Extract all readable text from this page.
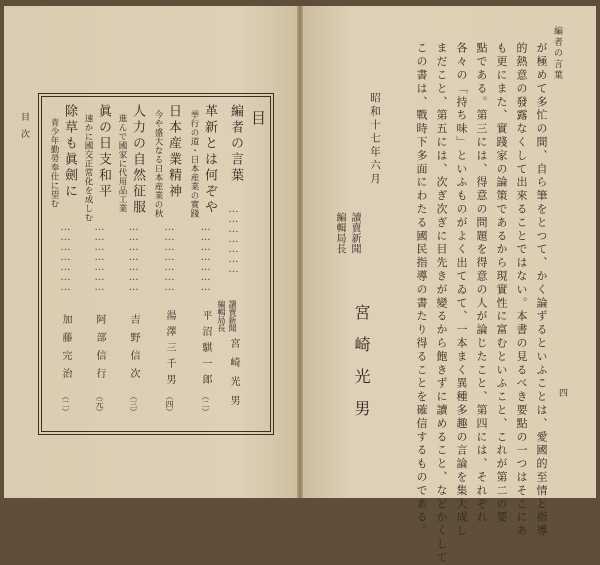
目次	目
編者の言葉
…………………
讀賣新聞 編輯局長
宮崎光男
革新とは何ぞや
挙行の道・日本産業の實踐
…………………
平沼騏一郎
（二）
日本産業精神
今や盛大なる日本産業の秋
…………………
湯澤三千男
（四）
人力の自然征服
進んで國家に代用品工業
…………………
吉野信次
（三）
眞の日支和平
速かに國交正常化を成しむ
…………………
阿部信行
（元）
除草も眞劍に
青少年勤勞奉仕に望む
…………………
加藤完治
（二）
編者の言葉
四
この書は、戰時下多面にわたる國民指導の書たり得ることを確信するものである。 まだこと、第五には、次ぎ次ぎに目先きが變るから飽きずに讀めること、などかくして 各々の「持ち味」といふものがよく出てゐて、一本まく異種多趣の言論を集大成し 點である。第三には、得意の問題を得意の人が論じたこと、第四には、それぞれ も更にまた、實踐家の論策であるから現實性に富むといふこと、これが第二の要 的熱意の發露なくして出來ることではない。本書の見るべき要點の一つはそこにあ が極めて多忙の間、自ら筆をとつて、かく論ずるといふことは、愛國的至情と指導
昭和十七年六月
讀賣新聞 編輯局長
宮崎光男
